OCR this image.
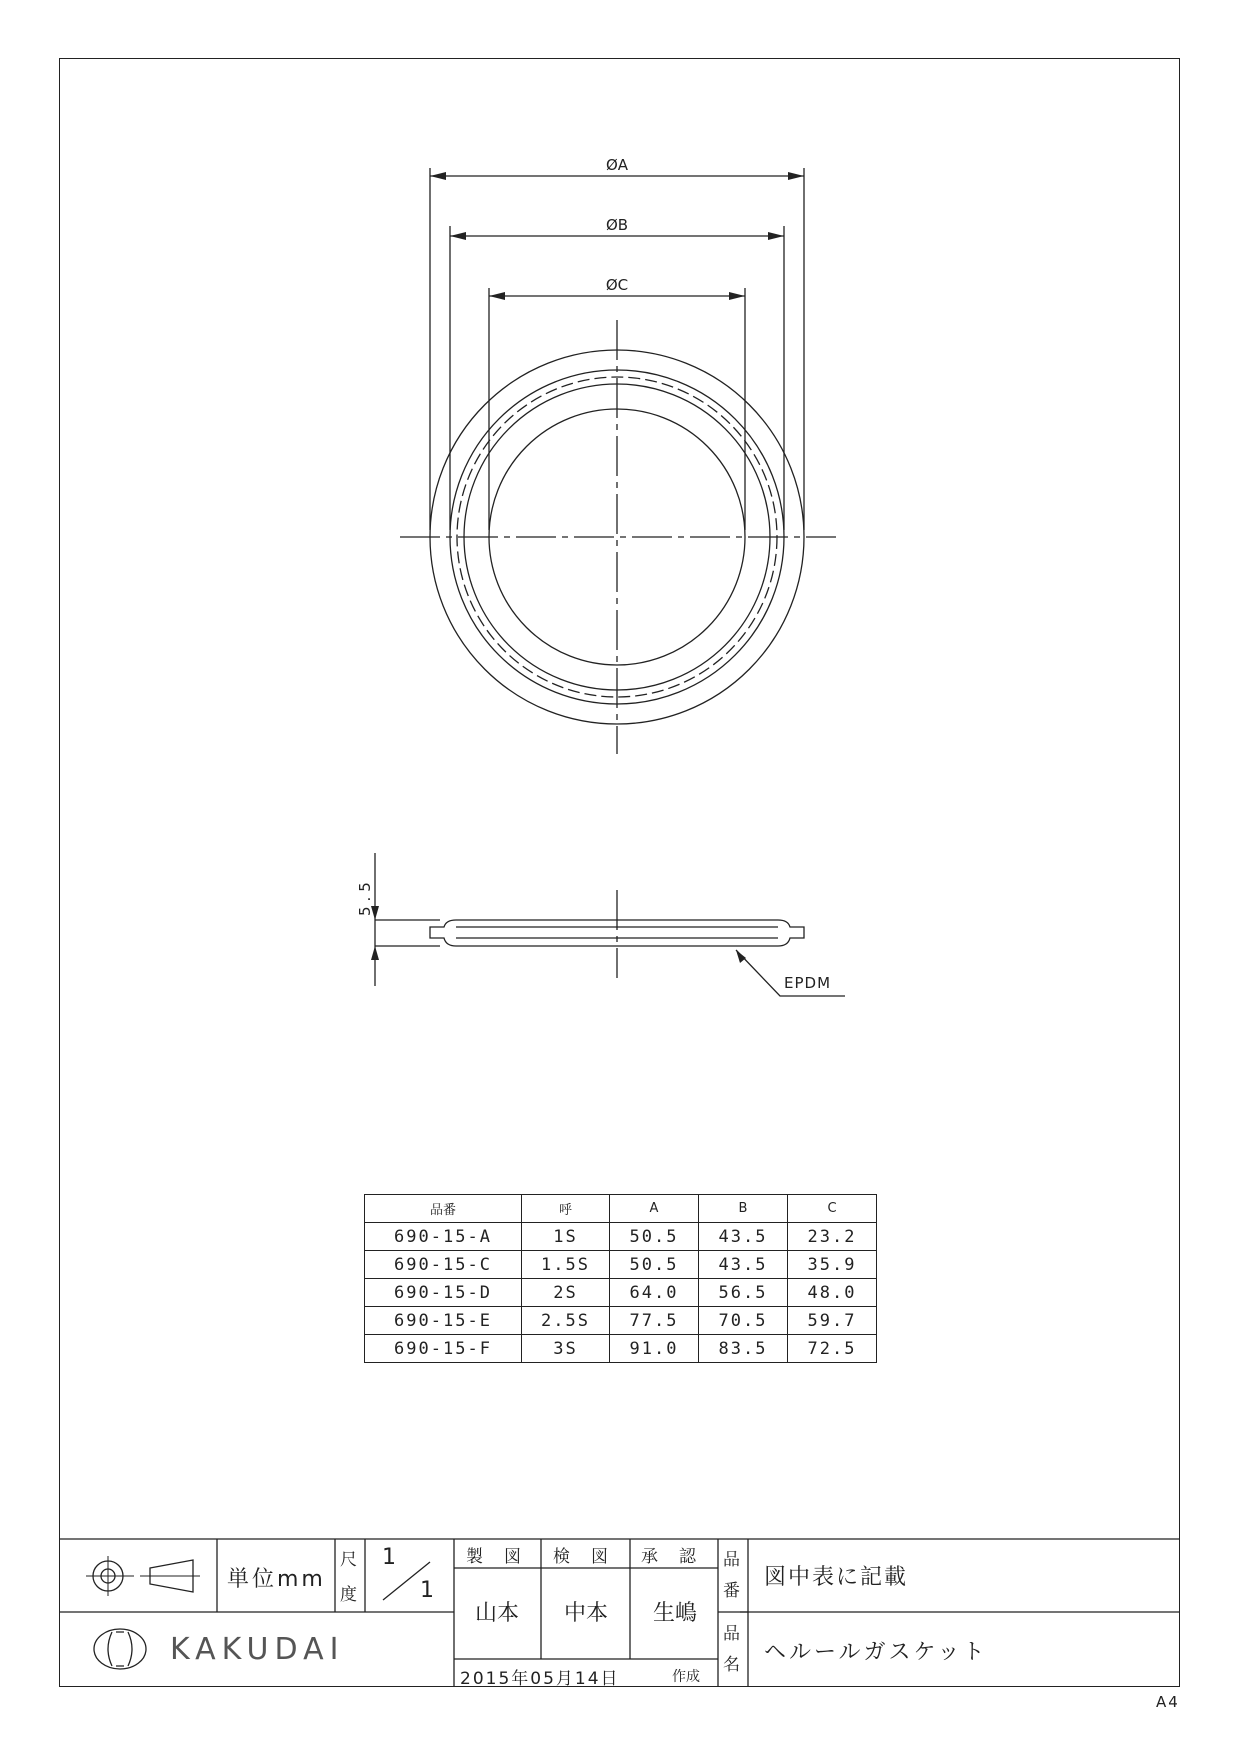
ØA
ØB
ØC
5.5
EPDM
品番	呼	A	B	C
690-15-A	1S	50.5	43.5	23.2
690-15-C	1.5S	50.5	43.5	35.9
690-15-D	2S	64.0	56.5	48.0
690-15-E	2.5S	77.5	70.5	59.7
690-15-F	3S	91.0	83.5	72.5
単位mm
尺
度
1
1
製　図 検　図 承　認
山本 中本 生嶋
2015年05月14日	作成
品
番
図中表に記載
品
名 ヘルールガスケット
KAKUDAI
A4
